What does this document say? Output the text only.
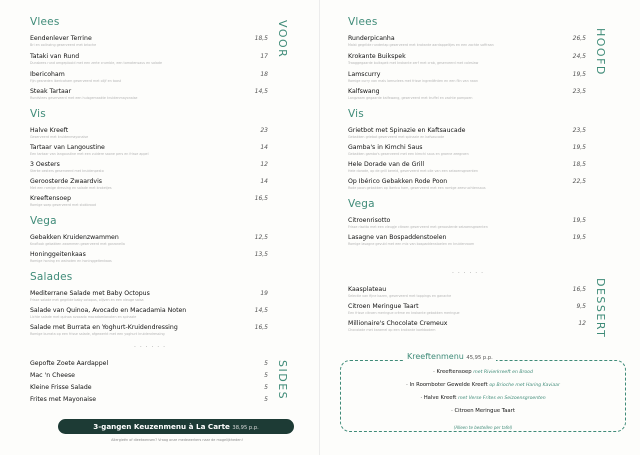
Vlees
Eendenlever Terrine
Bri en oolinzing geserveerd met brioche
18,5
Tataki van Rund
Dunsbees rund omgeplooid met een zerte crumble, een tomatensaus en salade
17
Ibericoham
Fijn gesneden ibericoham geserveerd met olijf en toast
18
Steak Tartaar
Rundvlees geserveerd met een huisgemaakte kruidenmayonaise
14,5
Vis
Halve Kreeft
Geserveerd met kruidenmayonaise
23
Tartaar van Langoustine
Een tartaar van langoustine met een zuidere saone pers en frisse appel
14
3 Oesters
Sterke oesters geserveerd met kruidenpesto
12
Geroosterde Zwaardvis
Met een romige dressing en salade met kroketjes
14
Kreeftensoep
Romige soep geserveerd met stokbrood
16,5
Vega
Gebakken Kruidenzwammen
Knoflook gebakken zwammen geserveerd met gorzonella
12,5
Honinggeitenkaas
Romige honing en walnoten en honinggeitenkaas
13,5
Salades
Mediterrane Salade met Baby Octopus
Frisse salade met gegrilde baby octopus, olijven en een vleuge salsa
19
Salade van Quinoa, Avocado en Macadamia Noten
Lichte salade met quinoa avocado macadamianoten en spinazie
14,5
Salade met Burrata en Yoghurt-Kruidendressing
Romige burrata op een frisse salade, afgewerkt met een yoghurt kruidendressing
16,5
. . . . . .
Gepofte Zoete Aardappel	5
Mac 'n Cheese	5
Kleine Frisse Salade	5
Frites met Mayonaise	5
VOOR
SIDES
3-gangen Keuzenmenu à La Carte 38,95 p.p.
Allergieën of dieetwensen? Vraag onze medewerkers naar de mogelijkheden!
Vlees
Runderpicanha
Malst gegrilde runderlap geserveerd met krokante aardappeltjes en een zachte saffraan
26,5
Krokante Buikspek
Traaggegaarde buikspek met krokante zerf met crab, geserveerd met coleslaw
24,5
Lamscurry
Romige curry van mals lamsvlees met frisse ingrediënten en een flin van naan
19,5
Kalfswang
Langzaam gegaarde kalfswang, geserveerd met truffel en zachte pompoen
23,5
Vis
Grietbot met Spinazie en Kaftsaucade
Gebakken griebot geserveerd met spinazie en kafsaucade
23,5
Gamba's in Kimchi Saus
Gebakken gamba's geserveerd met een kimchi saus en groene zeegroen
19,5
Hele Dorade van de Grill
Hele dorade, op de grill bereid, geserveerd met olie van een seizoensgroenten
18,5
Op Ibérico Gebakken Rode Poon
Rode poon gebakken op iberico ham, geserveerd met een romige zeevruchtensaus
22,5
Vega
Citroenrisotto
Frisse risotto met een vleugje citroen geserveerd met geroosterde seizoensgroenten
19,5
Lasagne van Bospaddenstoelen
Romige lasagne gevuld met een mix van bospaddenstoelen en kruidenroom
19,5
. . . . . .
Kaasplateau
Selectie van fijne kazen, geserveerd met toppings en ganache
16,5
Citroen Meringue Taart
Een frisse citroen meringue crème en krokante gebakken meringue
9,5
Millionaire's Chocolate Cremeux
Chocolade met karamel op een krokante koekbodem
12
HOOFD
DESSERT
Kreeftenmenu 45,95 p.p.
· Kreeftensoep met Rivierkreeft en Brood
· In Roomboter Gewelde Kreeft op Brioche met Haring Kaviaar
· Halve Kreeft met Verse Frites en Seizoensgroenten
· Citroen Meringue Taart
(Alleen te bestellen per tafel)
